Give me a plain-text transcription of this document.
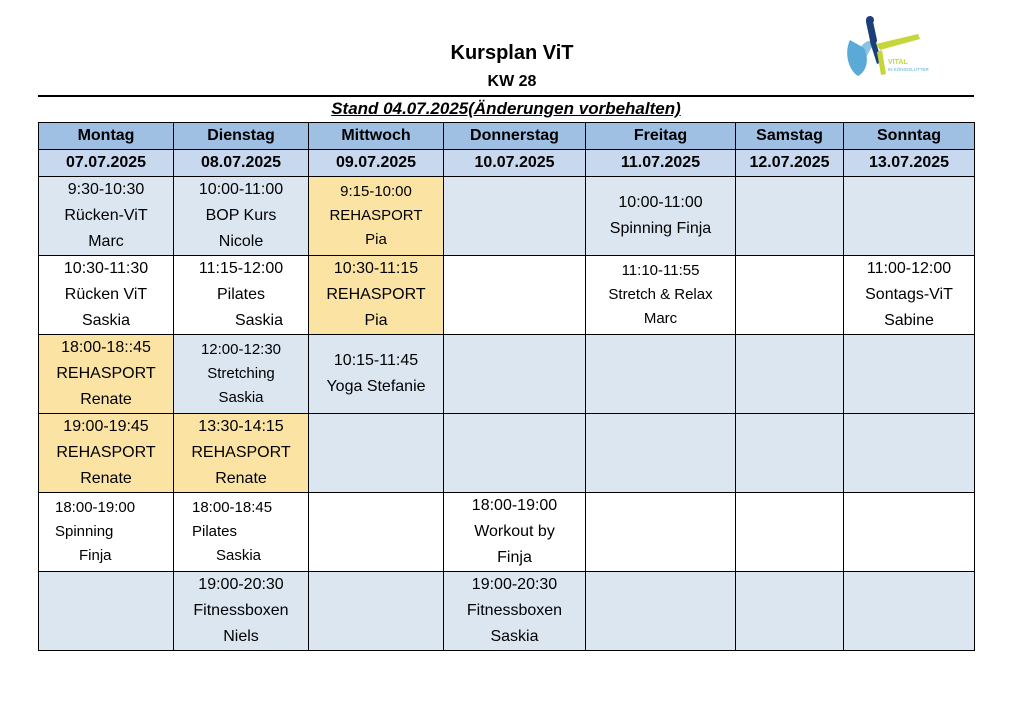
Kursplan ViT
KW 28
Stand 04.07.2025(Änderungen vorbehalten)
VITAL
IN KÖNIGSLUTTER
Montag	Dienstag	Mittwoch	Donnerstag	Freitag	Samstag	Sonntag
07.07.2025	08.07.2025	09.07.2025	10.07.2025	11.07.2025	12.07.2025	13.07.2025

9:30-10:30
Rücken-ViT
Marc	10:00-11:00
BOP Kurs
Nicole	9:15-10:00
REHASPORT
Pia		10:00-11:00
Spinning Finja		

10:30-11:30
Rücken ViT
Saskia	11:15-12:00
Pilates
Saskia	10:30-11:15
REHASPORT
Pia		11:10-11:55
Stretch & Relax
Marc		11:00-12:00
Sontags-ViT
Sabine

18:00-18::45
REHASPORT
Renate	12:00-12:30
Stretching
Saskia	10:15-11:45
Yoga Stefanie				

19:00-19:45
REHASPORT
Renate	13:30-14:15
REHASPORT
Renate					

18:00-19:00
Spinning
Finja	18:00-18:45
Pilates
Saskia		18:00-19:00
Workout by
Finja			

	19:00-20:30
Fitnessboxen
Niels		19:00-20:30
Fitnessboxen
Saskia			
